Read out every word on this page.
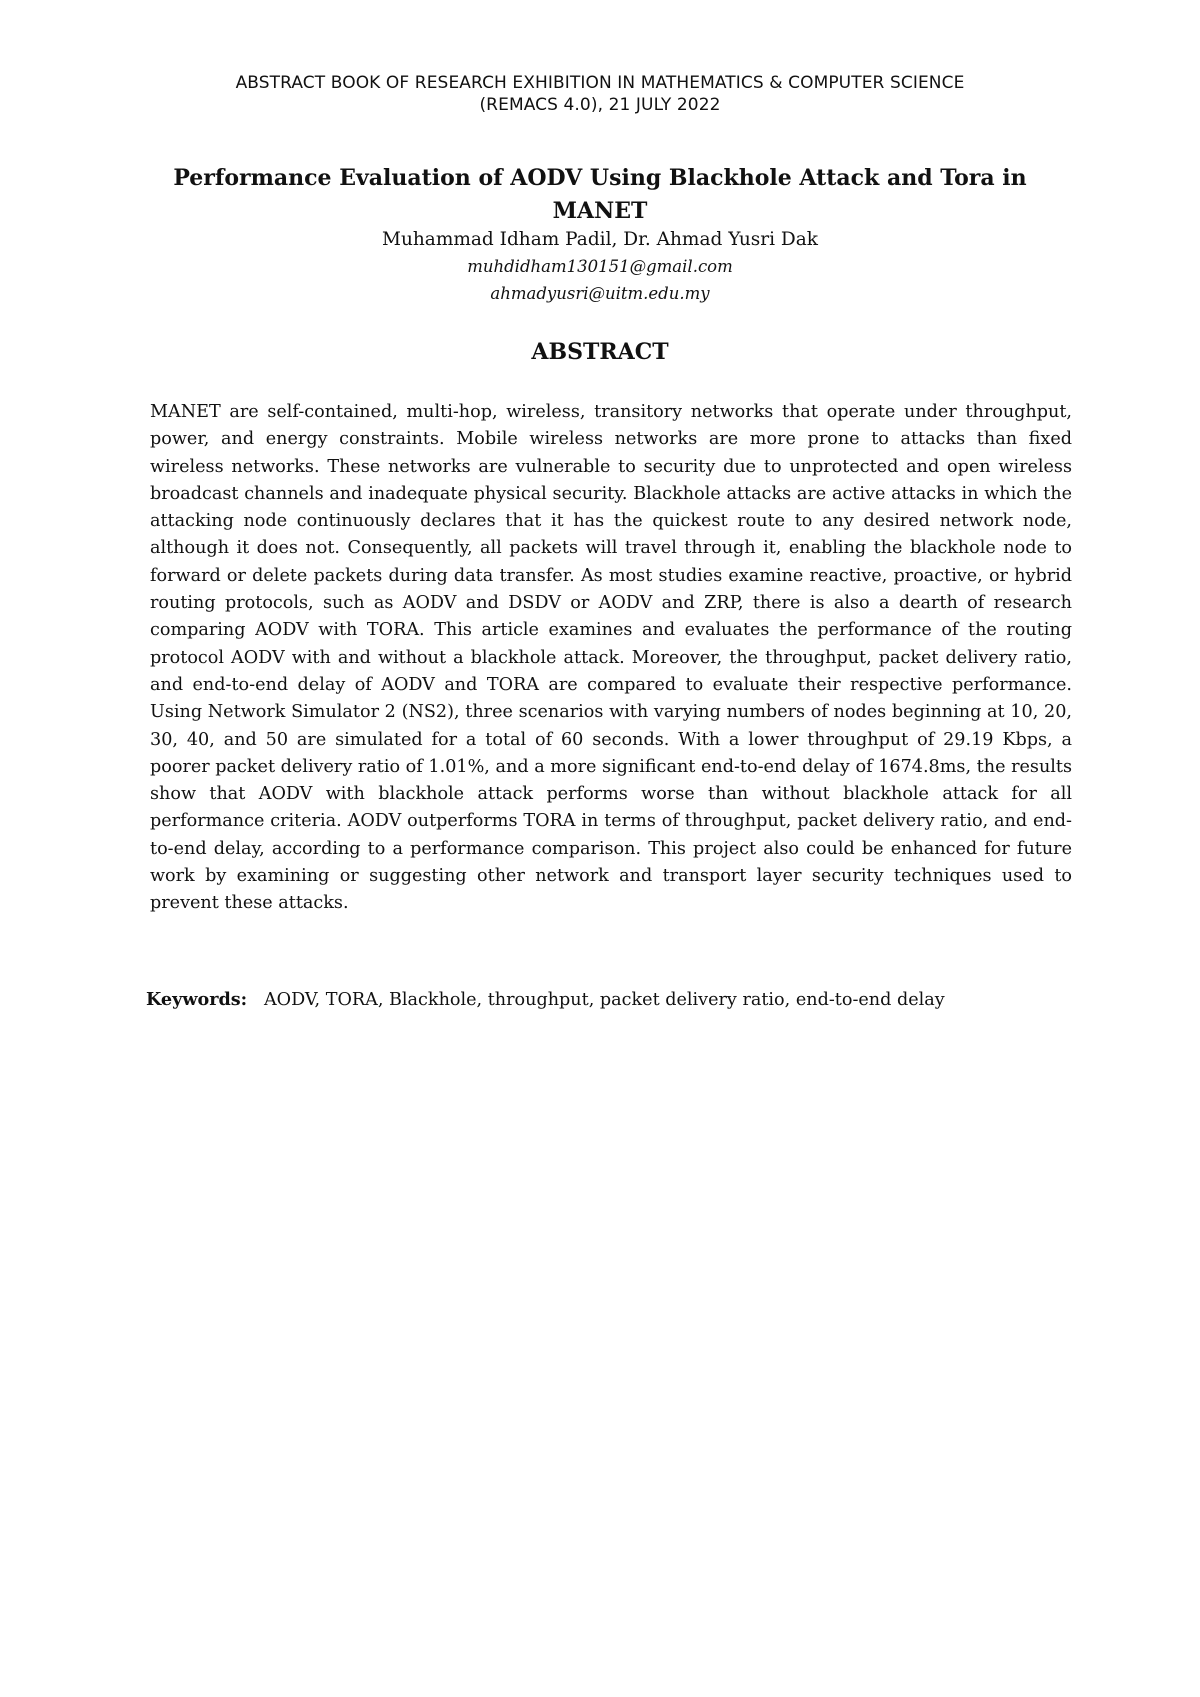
ABSTRACT BOOK OF RESEARCH EXHIBITION IN MATHEMATICS & COMPUTER SCIENCE
(REMACS 4.0), 21 JULY 2022
Performance Evaluation of AODV Using Blackhole Attack and Tora in
MANET
Muhammad Idham Padil, Dr. Ahmad Yusri Dak
muhdidham130151@gmail.com
ahmadyusri@uitm.edu.my
ABSTRACT
MANET are self-contained, multi-hop, wireless, transitory networks that operate under throughput, power, and energy constraints. Mobile wireless networks are more prone to attacks than fixed wireless networks. These networks are vulnerable to security due to unprotected and open wireless broadcast channels and inadequate physical security. Blackhole attacks are active attacks in which the attacking node continuously declares that it has the quickest route to any desired network node, although it does not. Consequently, all packets will travel through it, enabling the blackhole node to forward or delete packets during data transfer. As most studies examine reactive, proactive, or hybrid routing protocols, such as AODV and DSDV or AODV and ZRP, there is also a dearth of research comparing AODV with TORA. This article examines and evaluates the performance of the routing protocol AODV with and without a blackhole attack. Moreover, the throughput, packet delivery ratio, and end-to-end delay of AODV and TORA are compared to evaluate their respective performance. Using Network Simulator 2 (NS2), three scenarios with varying numbers of nodes beginning at 10, 20, 30, 40, and 50 are simulated for a total of 60 seconds. With a lower throughput of 29.19 Kbps, a poorer packet delivery ratio of 1.01%, and a more significant end-to-end delay of 1674.8ms, the results show that AODV with blackhole attack performs worse than without blackhole attack for all performance criteria. AODV outperforms TORA in terms of throughput, packet delivery ratio, and end-to-end delay, according to a performance comparison. This project also could be enhanced for future work by examining or suggesting other network and transport layer security techniques used to prevent these attacks.
Keywords: AODV, TORA, Blackhole, throughput, packet delivery ratio, end-to-end delay
